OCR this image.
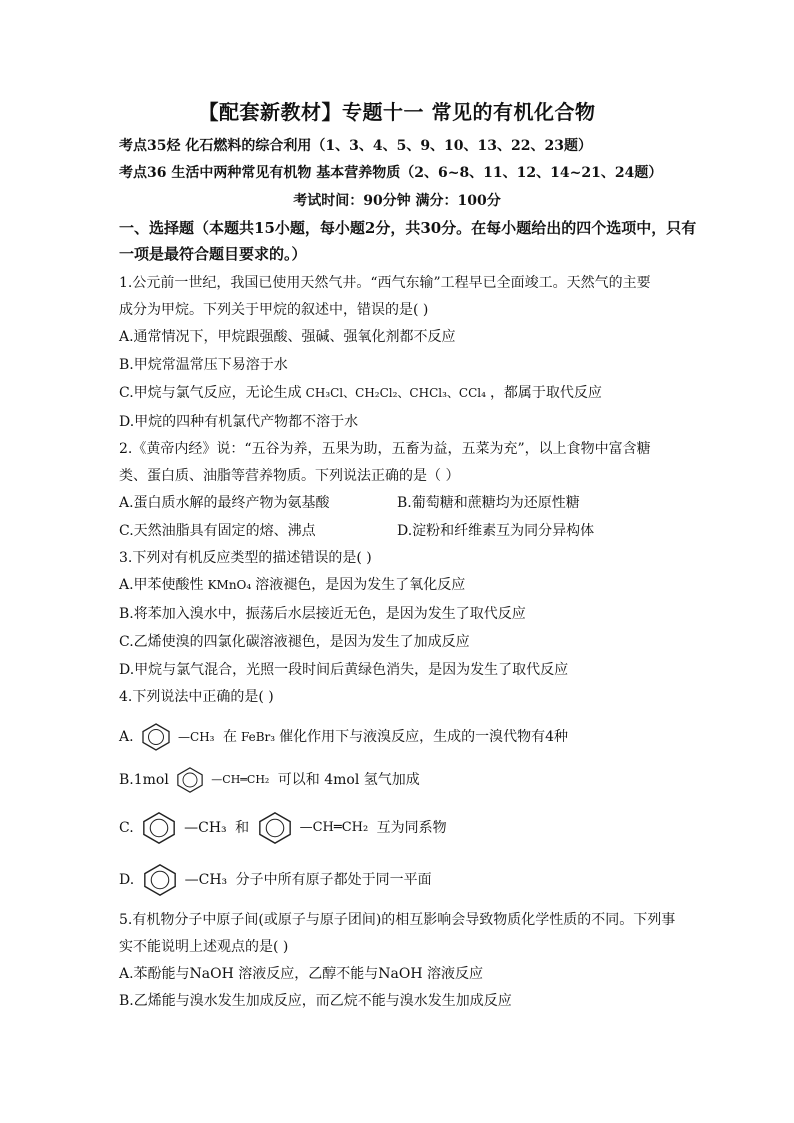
【配套新教材】专题十一 常见的有机化合物
考点35烃 化石燃料的综合利用（1、3、4、5、9、10、13、22、23题）
考点36 生活中两种常见有机物 基本营养物质（2、6~8、11、12、14~21、24题）
考试时间：90分钟 满分：100分
一、选择题（本题共15小题，每小题2分，共30分。在每小题给出的四个选项中，只有
一项是最符合题目要求的。）
1.公元前一世纪，我国已使用天然气井。“西气东输”工程早已全面竣工。天然气的主要
成分为甲烷。下列关于甲烷的叙述中，错误的是( )
A.通常情况下，甲烷跟强酸、强碱、强氧化剂都不反应
B.甲烷常温常压下易溶于水
C.甲烷与氯气反应，无论生成 CH₃Cl、CH₂Cl₂、CHCl₃、CCl₄ ，都属于取代反应
D.甲烷的四种有机氯代产物都不溶于水
2.《黄帝内经》说：“五谷为养，五果为助，五畜为益，五菜为充”，以上食物中富含糖
类、蛋白质、油脂等营养物质。下列说法正确的是（ ）
A.蛋白质水解的最终产物为氨基酸	B.葡萄糖和蔗糖均为还原性糖
C.天然油脂具有固定的熔、沸点	D.淀粉和纤维素互为同分异构体
3.下列对有机反应类型的描述错误的是( )
A.甲苯使酸性 KMnO₄ 溶液褪色，是因为发生了氧化反应
B.将苯加入溴水中，振荡后水层接近无色，是因为发生了取代反应
C.乙烯使溴的四氯化碳溶液褪色，是因为发生了加成反应
D.甲烷与氯气混合，光照一段时间后黄绿色消失，是因为发生了取代反应
4.下列说法中正确的是( )
A.	—CH₃ 在 FeBr₃ 催化作用下与液溴反应，生成的一溴代物有4种
B.1mol	—CH═CH₂ 可以和 4mol 氢气加成
C.	—CH₃ 和	—CH═CH₂ 互为同系物
D.	—CH₃ 分子中所有原子都处于同一平面
5.有机物分子中原子间(或原子与原子团间)的相互影响会导致物质化学性质的不同。下列事
实不能说明上述观点的是( )
A.苯酚能与NaOH 溶液反应，乙醇不能与NaOH 溶液反应
B.乙烯能与溴水发生加成反应，而乙烷不能与溴水发生加成反应
